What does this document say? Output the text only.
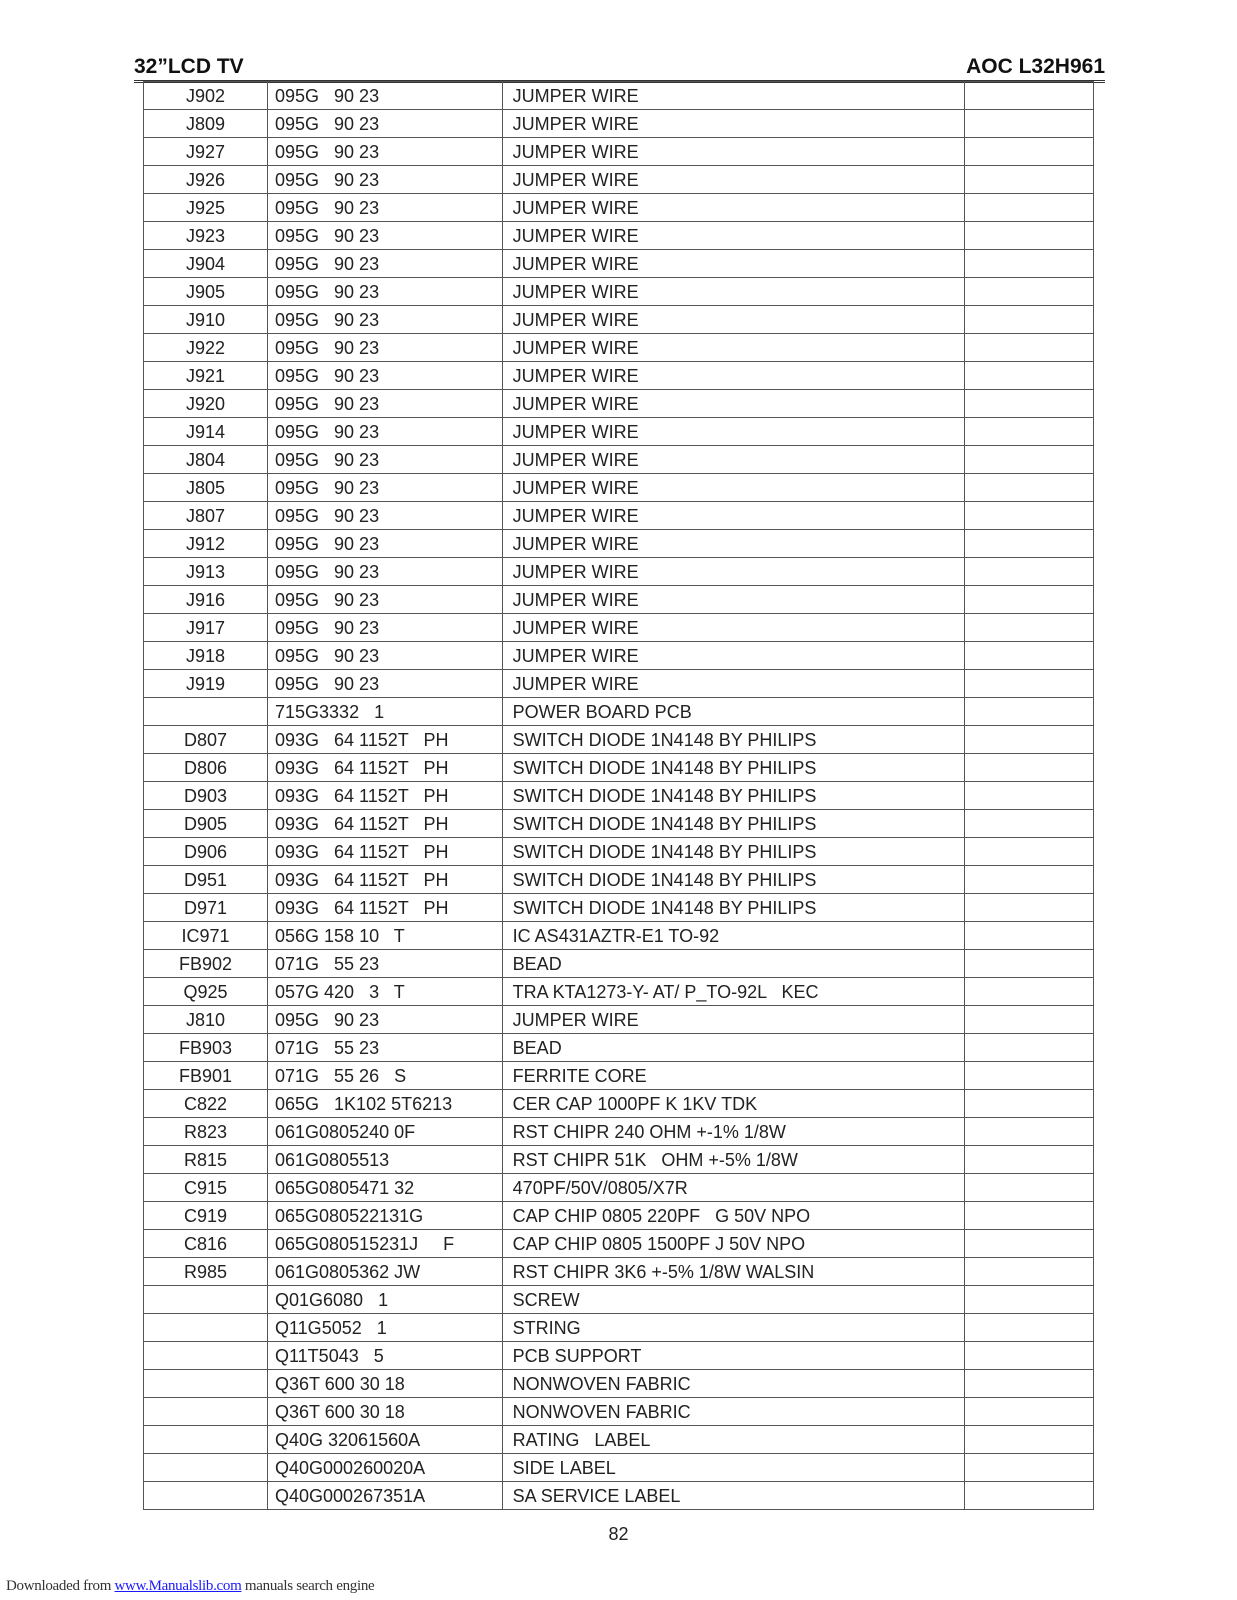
32”LCD TV	AOC L32H961
J902	095G   90 23	JUMPER WIRE	
J809	095G   90 23	JUMPER WIRE	
J927	095G   90 23	JUMPER WIRE	
J926	095G   90 23	JUMPER WIRE	
J925	095G   90 23	JUMPER WIRE	
J923	095G   90 23	JUMPER WIRE	
J904	095G   90 23	JUMPER WIRE	
J905	095G   90 23	JUMPER WIRE	
J910	095G   90 23	JUMPER WIRE	
J922	095G   90 23	JUMPER WIRE	
J921	095G   90 23	JUMPER WIRE	
J920	095G   90 23	JUMPER WIRE	
J914	095G   90 23	JUMPER WIRE	
J804	095G   90 23	JUMPER WIRE	
J805	095G   90 23	JUMPER WIRE	
J807	095G   90 23	JUMPER WIRE	
J912	095G   90 23	JUMPER WIRE	
J913	095G   90 23	JUMPER WIRE	
J916	095G   90 23	JUMPER WIRE	
J917	095G   90 23	JUMPER WIRE	
J918	095G   90 23	JUMPER WIRE	
J919	095G   90 23	JUMPER WIRE	
	715G3332   1	POWER BOARD PCB	
D807	093G   64 1152T   PH	SWITCH DIODE 1N4148 BY PHILIPS	
D806	093G   64 1152T   PH	SWITCH DIODE 1N4148 BY PHILIPS	
D903	093G   64 1152T   PH	SWITCH DIODE 1N4148 BY PHILIPS	
D905	093G   64 1152T   PH	SWITCH DIODE 1N4148 BY PHILIPS	
D906	093G   64 1152T   PH	SWITCH DIODE 1N4148 BY PHILIPS	
D951	093G   64 1152T   PH	SWITCH DIODE 1N4148 BY PHILIPS	
D971	093G   64 1152T   PH	SWITCH DIODE 1N4148 BY PHILIPS	
IC971	056G 158 10   T	IC AS431AZTR-E1 TO-92	
FB902	071G   55 23	BEAD	
Q925	057G 420   3   T	TRA KTA1273-Y- AT/ P_TO-92L   KEC	
J810	095G   90 23	JUMPER WIRE	
FB903	071G   55 23	BEAD	
FB901	071G   55 26   S	FERRITE CORE	
C822	065G   1K102 5T6213	CER CAP 1000PF K 1KV TDK	
R823	061G0805240 0F	RST CHIPR 240 OHM +-1% 1/8W	
R815	061G0805513	RST CHIPR 51K   OHM +-5% 1/8W	
C915	065G0805471 32	470PF/50V/0805/X7R	
C919	065G080522131G	CAP CHIP 0805 220PF   G 50V NPO	
C816	065G080515231J     F	CAP CHIP 0805 1500PF J 50V NPO	
R985	061G0805362 JW	RST CHIPR 3K6 +-5% 1/8W WALSIN	
	Q01G6080   1	SCREW	
	Q11G5052   1	STRING	
	Q11T5043   5	PCB SUPPORT	
	Q36T 600 30 18	NONWOVEN FABRIC	
	Q36T 600 30 18	NONWOVEN FABRIC	
	Q40G 32061560A	RATING   LABEL	
	Q40G000260020A	SIDE LABEL	
	Q40G000267351A	SA SERVICE LABEL	
82
Downloaded from www.Manualslib.com manuals search engine
